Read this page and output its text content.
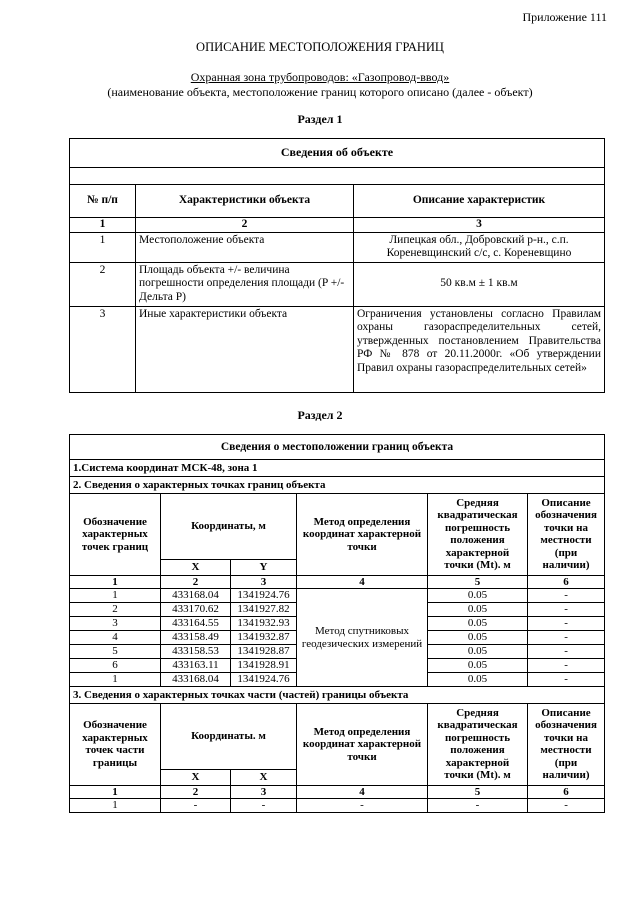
Приложение 111
ОПИСАНИЕ МЕСТОПОЛОЖЕНИЯ ГРАНИЦ
Охранная зона трубопроводов: «Газопровод-ввод»
(наименование объекта, местоположение границ которого описано (далее - объект)
Раздел 1
Сведения об объекте		

№ п/п	Характеристики объекта	Описание характеристик
1	2	3
1	Местоположение объекта	Липецкая обл., Добровский р-н., с.п. Кореневщинский с/с, с. Кореневщино
2	Площадь объекта +/- величина погрешности определения площади (P +/- Дельта P)	50 кв.м ± 1 кв.м
3	Иные характеристики объекта	Ограничения установлены согласно Правилам охраны газораспределительных сетей, утвержденных постановлением Правительства РФ № 878 от 20.11.2000г. «Об утверждении Правил охраны газораспределительных сетей»
Раздел 2
Сведения о местоположении границ объекта					
1.Система координат МСК-48, зона 1					
2. Сведения о характерных точках границ объекта					
Обозначение характерных точек границ	Координаты, м		Метод определения координат характерной точки	Средняя квадратическая погрешность положения характерной точки (Mt). м	Описание обозначения точки на местности (при наличии)
	X	Y			
1	2	3	4	5	6
1	433168.04	1341924.76	Метод спутниковых геодезических измерений	0.05	-
2	433170.62	1341927.82		0.05	-
3	433164.55	1341932.93		0.05	-
4	433158.49	1341932.87		0.05	-
5	433158.53	1341928.87		0.05	-
6	433163.11	1341928.91		0.05	-
1	433168.04	1341924.76		0.05	-
3. Сведения о характерных точках части (частей) границы объекта					
Обозначение характерных точек части границы	Координаты. м		Метод определения координат характерной точки	Средняя квадратическая погрешность положения характерной точки (Mt). м	Описание обозначения точки на местности (при наличии)
	X	X			
1	2	3	4	5	6
1	-	-	-	-	-
